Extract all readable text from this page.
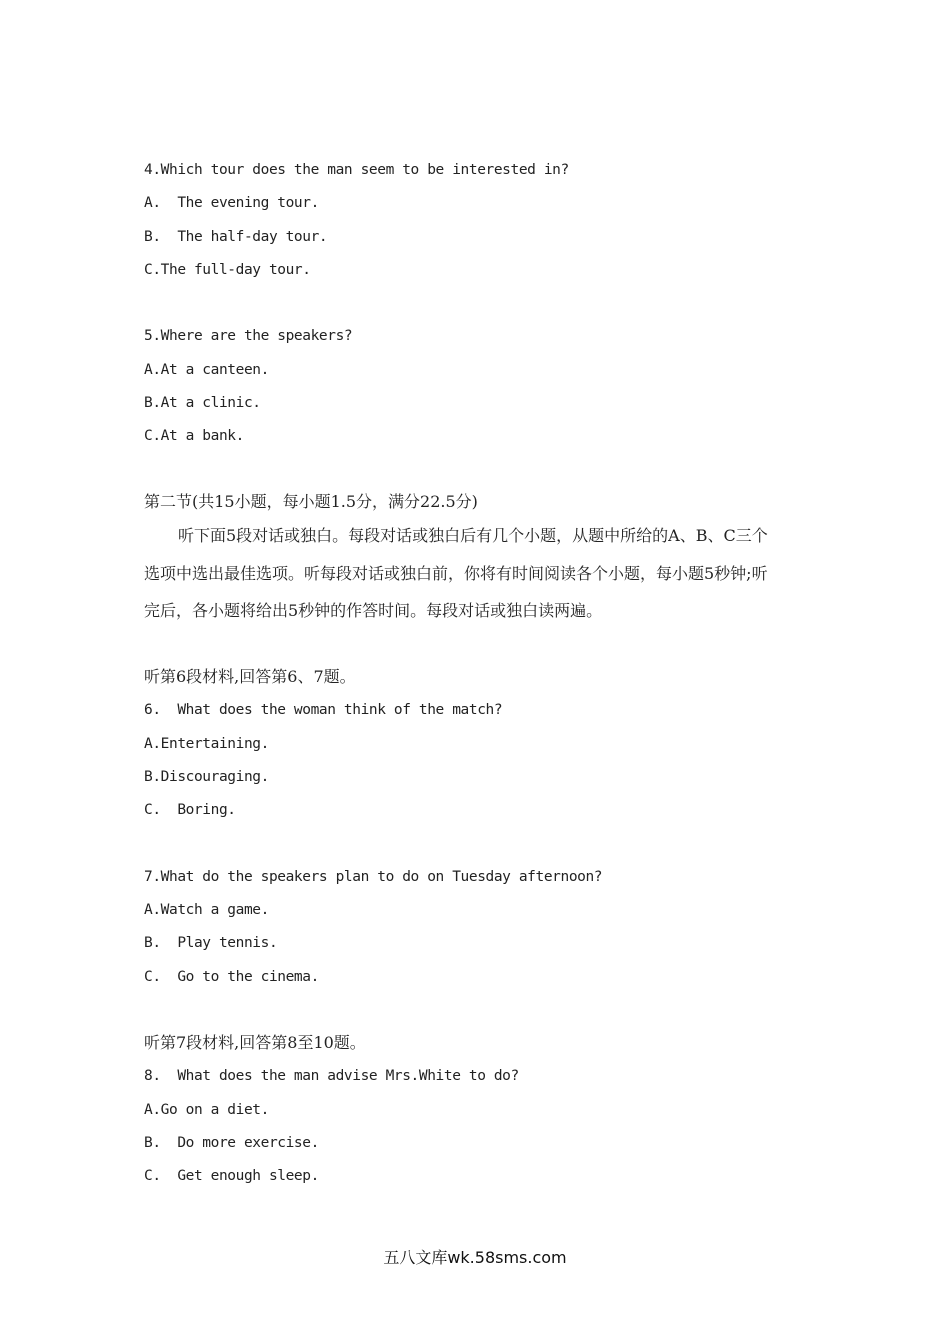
4.Which tour does the man seem to be interested in?
A.  The evening tour.
B.  The half-day tour.
C.The full-day tour.
5.Where are the speakers?
A.At a canteen.
B.At a clinic.
C.At a bank.
第二节(共15小题，每小题1.5分，满分22.5分)
听下面5段对话或独白。每段对话或独白后有几个小题，从题中所给的A、B、C三个
选项中选出最佳选项。听每段对话或独白前，你将有时间阅读各个小题，每小题5秒钟;听
完后，各小题将给出5秒钟的作答时间。每段对话或独白读两遍。
听第6段材料,回答第6、7题。
6.  What does the woman think of the match?
A.Entertaining.
B.Discouraging.
C.  Boring.
7.What do the speakers plan to do on Tuesday afternoon?
A.Watch a game.
B.  Play tennis.
C.  Go to the cinema.
听第7段材料,回答第8至10题。
8.  What does the man advise Mrs.White to do?
A.Go on a diet.
B.  Do more exercise.
C.  Get enough sleep.
五八文库wk.58sms.com
